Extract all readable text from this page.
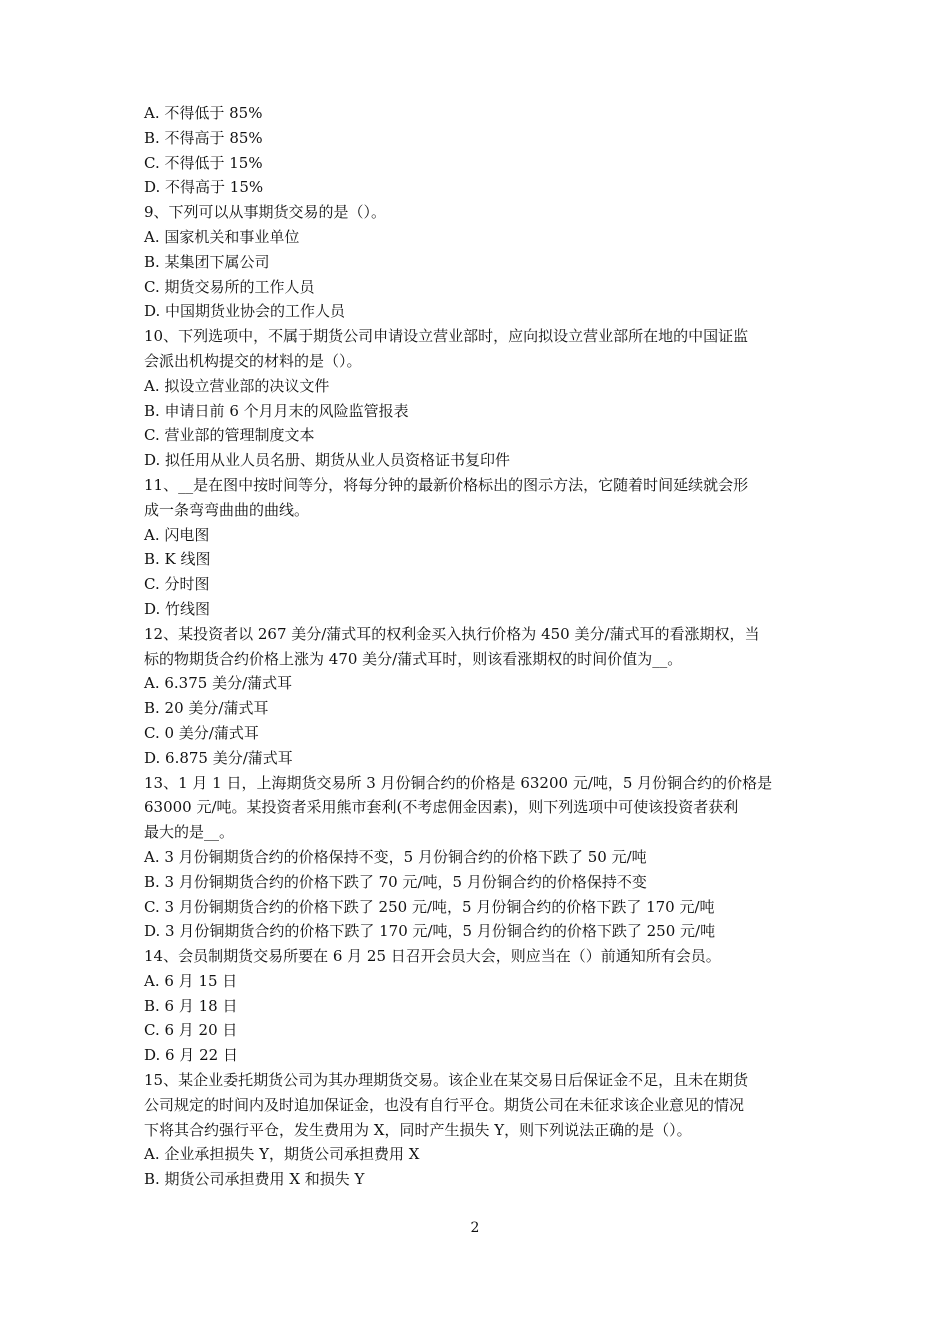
A. 不得低于 85%
B. 不得高于 85%
C. 不得低于 15%
D. 不得高于 15%
9、下列可以从事期货交易的是（）。
A. 国家机关和事业单位
B. 某集团下属公司
C. 期货交易所的工作人员
D. 中国期货业协会的工作人员
10、下列选项中，不属于期货公司申请设立营业部时，应向拟设立营业部所在地的中国证监
会派出机构提交的材料的是（）。
A. 拟设立营业部的决议文件
B. 申请日前 6 个月月末的风险监管报表
C. 营业部的管理制度文本
D. 拟任用从业人员名册、期货从业人员资格证书复印件
11、__是在图中按时间等分，将每分钟的最新价格标出的图示方法，它随着时间延续就会形
成一条弯弯曲曲的曲线。
A. 闪电图
B. K 线图
C. 分时图
D. 竹线图
12、某投资者以 267 美分/蒲式耳的权利金买入执行价格为 450 美分/蒲式耳的看涨期权，当
标的物期货合约价格上涨为 470 美分/蒲式耳时，则该看涨期权的时间价值为__。
A. 6.375 美分/蒲式耳
B. 20 美分/蒲式耳
C. 0 美分/蒲式耳
D. 6.875 美分/蒲式耳
13、1 月 1 日，上海期货交易所 3 月份铜合约的价格是 63200 元/吨，5 月份铜合约的价格是
63000 元/吨。某投资者采用熊市套利(不考虑佣金因素)，则下列选项中可使该投资者获利
最大的是__。
A. 3 月份铜期货合约的价格保持不变，5 月份铜合约的价格下跌了 50 元/吨
B. 3 月份铜期货合约的价格下跌了 70 元/吨，5 月份铜合约的价格保持不变
C. 3 月份铜期货合约的价格下跌了 250 元/吨，5 月份铜合约的价格下跌了 170 元/吨
D. 3 月份铜期货合约的价格下跌了 170 元/吨，5 月份铜合约的价格下跌了 250 元/吨
14、会员制期货交易所要在 6 月 25 日召开会员大会，则应当在（）前通知所有会员。
A. 6 月 15 日
B. 6 月 18 日
C. 6 月 20 日
D. 6 月 22 日
15、某企业委托期货公司为其办理期货交易。该企业在某交易日后保证金不足，且未在期货
公司规定的时间内及时追加保证金，也没有自行平仓。期货公司在未征求该企业意见的情况
下将其合约强行平仓，发生费用为 X，同时产生损失 Y，则下列说法正确的是（）。
A. 企业承担损失 Y，期货公司承担费用 X
B. 期货公司承担费用 X 和损失 Y
2
